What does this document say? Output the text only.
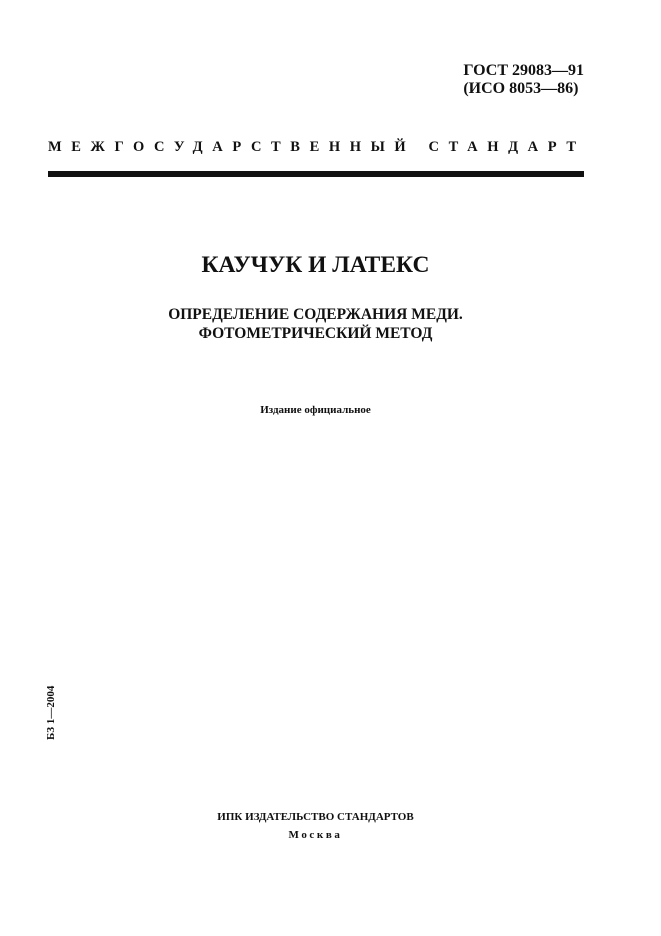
ГОСТ 29083—91
(ИСО 8053—86)
МЕЖГОСУДАРСТВЕННЫЙ СТАНДАРТ
КАУЧУК И ЛАТЕКС
ОПРЕДЕЛЕНИЕ СОДЕРЖАНИЯ МЕДИ.
ФОТОМЕТРИЧЕСКИЙ МЕТОД
Издание официальное
БЗ 1—2004
ИПК ИЗДАТЕЛЬСТВО СТАНДАРТОВ
Москва
